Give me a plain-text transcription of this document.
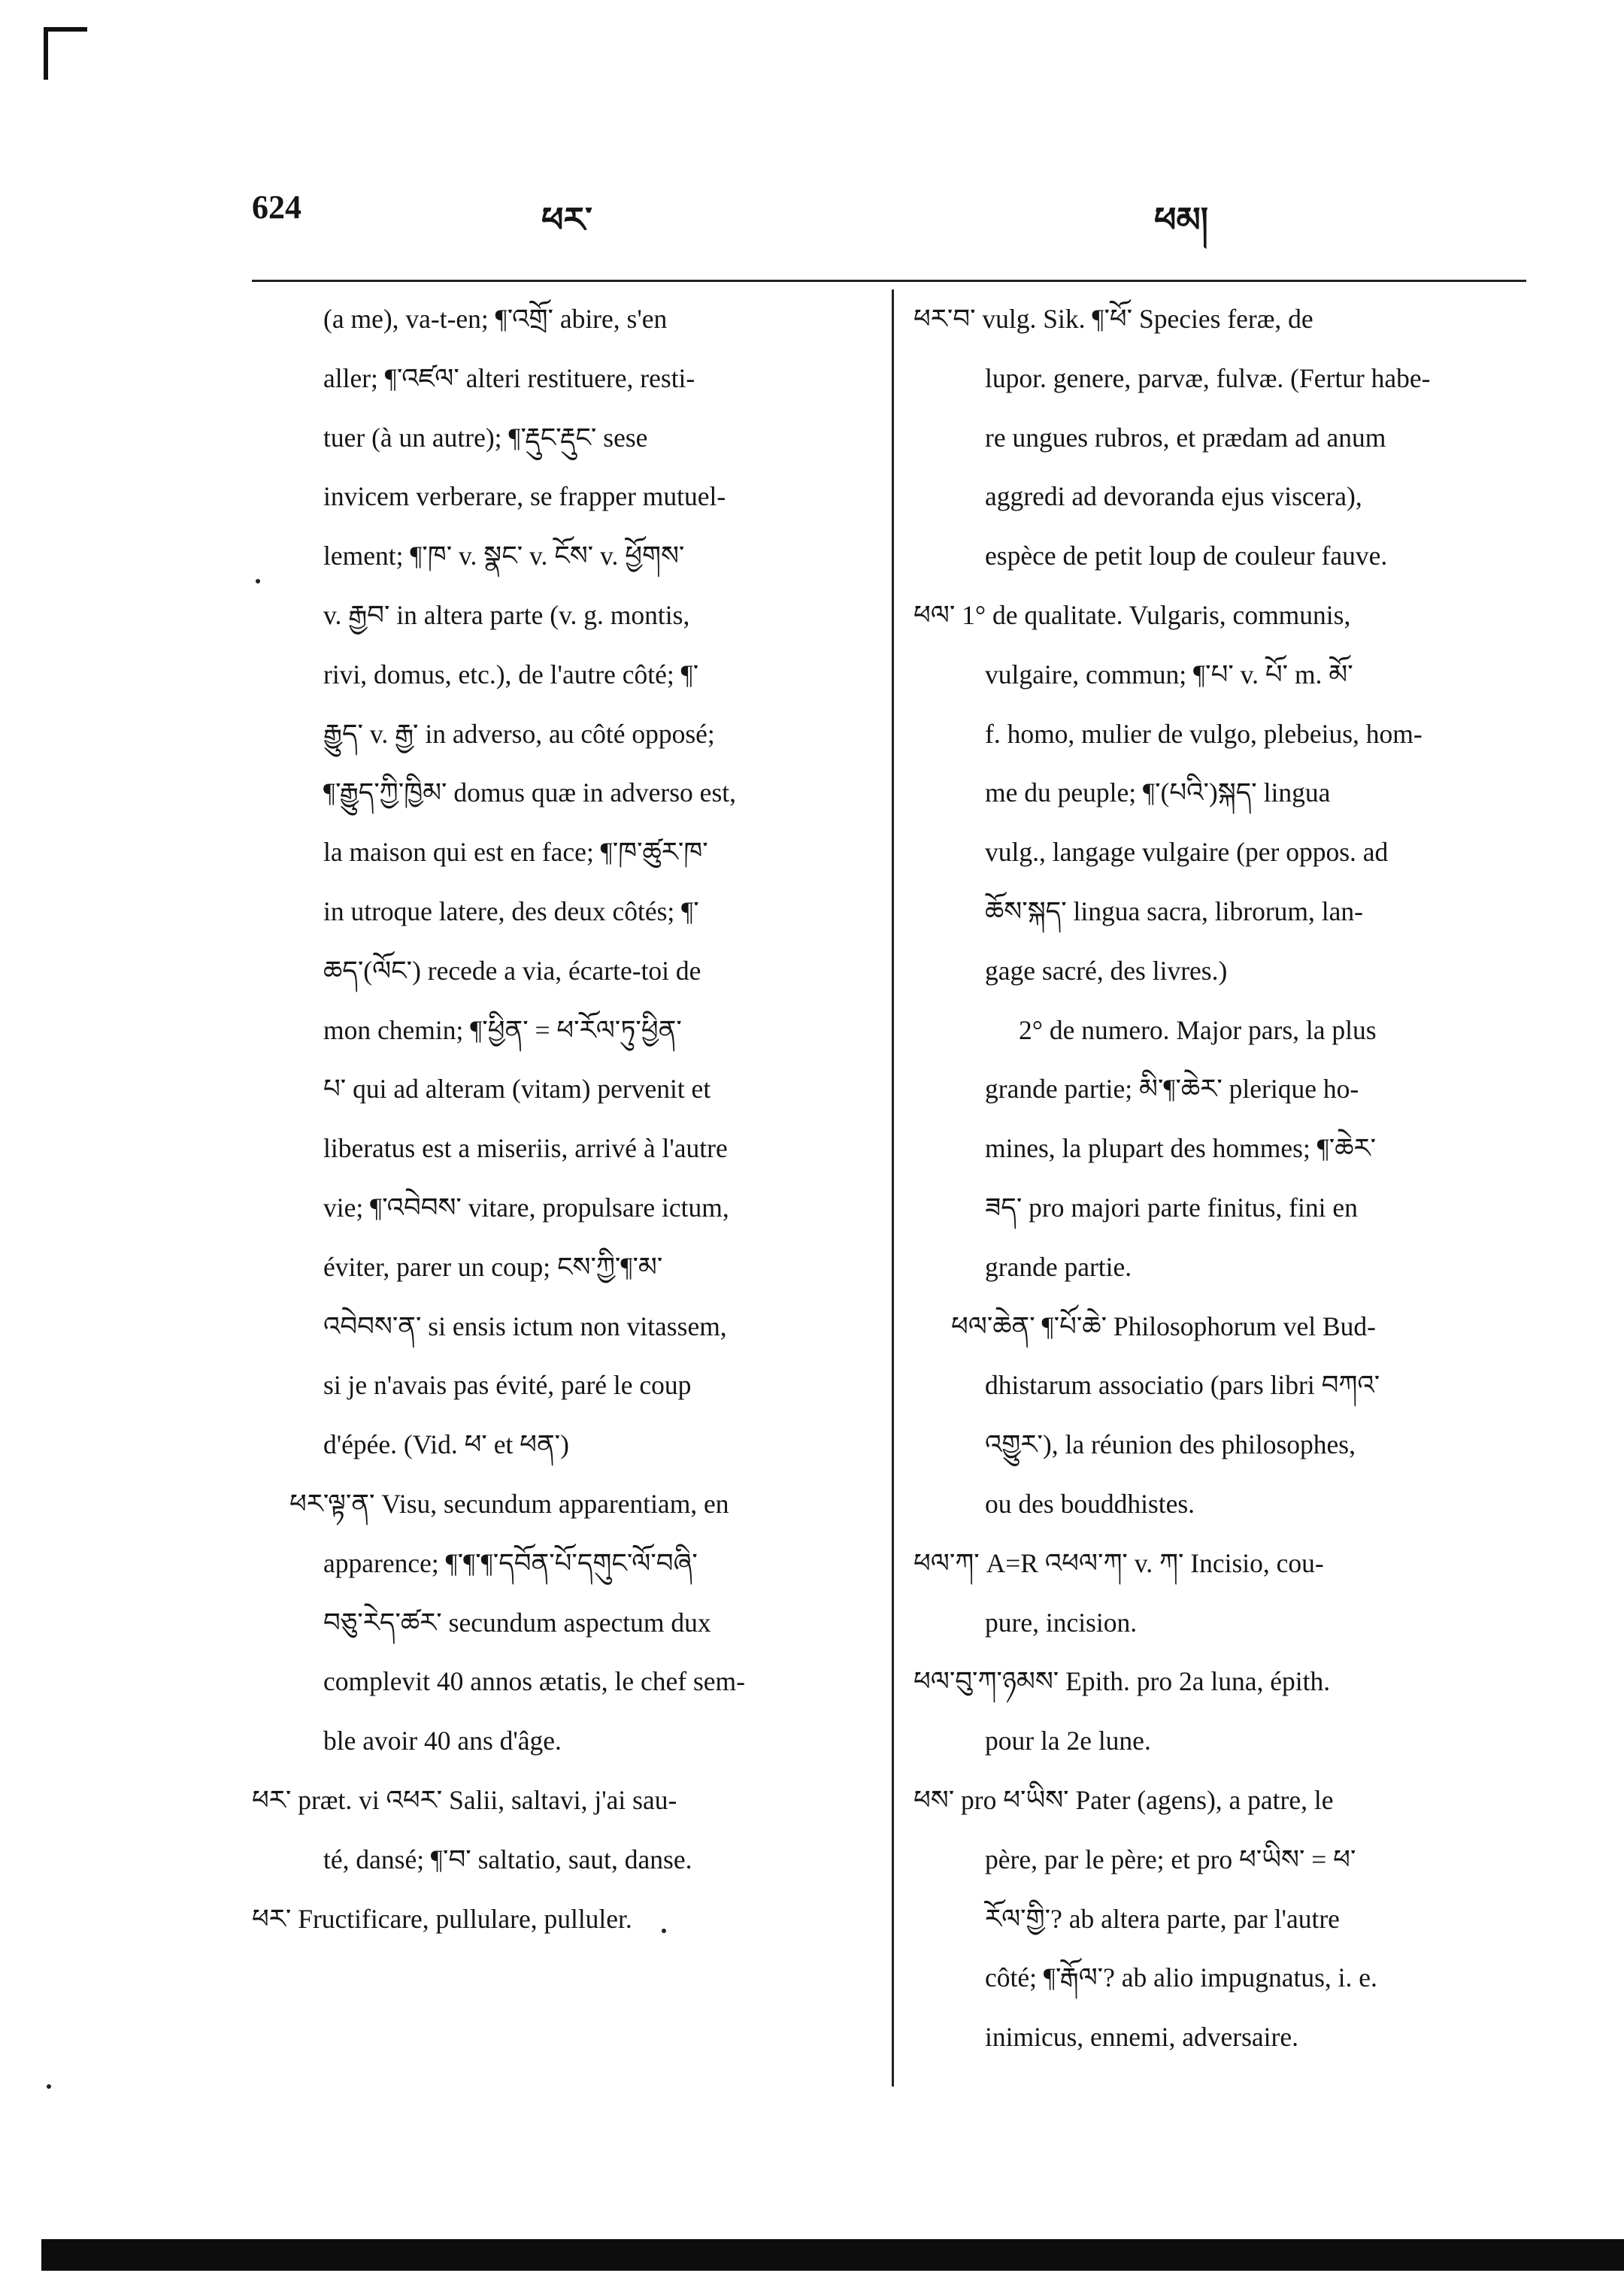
624	ཕར་	ཕམ།
(a me), va-t-en; ¶་འགྲོ་ abire, s'en
aller; ¶་འཛལ་ alteri restituere, resti-
tuer (à un autre); ¶་རྡུང་རྡུང་ sese
invicem verberare, se frapper mutuel-
lement; ¶་ཁ་ v. སྣང་ v. ངོས་ v. ཕྱོགས་
v. རྒྱབ་ in altera parte (v. g. montis,
rivi, domus, etc.), de l'autre côté; ¶་
རྒྱུད་ v. རྒྱ་ in adverso, au côté opposé;
¶་རྒྱུད་ཀྱི་ཁྱིམ་ domus quæ in adverso est,
la maison qui est en face; ¶་ཁ་ཚུར་ཁ་
in utroque latere, des deux côtés; ¶་
ཆད་(ལོང་) recede a via, écarte-toi de
mon chemin; ¶་ཕྱིན་ = ཕ་རོལ་ཏུ་ཕྱིན་
པ་ qui ad alteram (vitam) pervenit et
liberatus est a miseriis, arrivé à l'autre
vie; ¶་འབེབས་ vitare, propulsare ictum,
éviter, parer un coup; ངས་ཀྱི་¶་མ་
འབེབས་ན་ si ensis ictum non vitassem,
si je n'avais pas évité, paré le coup
d'épée. (Vid. ཕ་ et ཕན་)
ཕར་ལྟ་ན་ Visu, secundum apparentiam, en
apparence; ¶་¶་¶་དབོན་པོ་དགུང་ལོ་བཞི་
བཅུ་རེད་ཚར་ secundum aspectum dux
complevit 40 annos ætatis, le chef sem-
ble avoir 40 ans d'âge.
ཕར་ præt. vi འཕར་ Salii, saltavi, j'ai sau-
té, dansé; ¶་བ་ saltatio, saut, danse.
ཕར་ Fructificare, pullulare, pulluler.
ཕར་བ་ vulg. Sik. ¶་ཕོ་ Species feræ, de
lupor. genere, parvæ, fulvæ. (Fertur habe-
re ungues rubros, et prædam ad anum
aggredi ad devoranda ejus viscera),
espèce de petit loup de couleur fauve.
ཕལ་ 1° de qualitate. Vulgaris, communis,
vulgaire, commun; ¶་པ་ v. པོ་ m. མོ་
f. homo, mulier de vulgo, plebeius, hom-
me du peuple; ¶་(པའི་)སྐད་ lingua
vulg., langage vulgaire (per oppos. ad
ཆོས་སྐད་ lingua sacra, librorum, lan-
gage sacré, des livres.)
2° de numero. Major pars, la plus
grande partie; མི་¶་ཆེར་ plerique ho-
mines, la plupart des hommes; ¶་ཆེར་
ཟད་ pro majori parte finitus, fini en
grande partie.
ཕལ་ཆེན་ ¶་པོ་ཆེ་ Philosophorum vel Bud-
dhistarum associatio (pars libri བཀའ་
འགྱུར་), la réunion des philosophes,
ou des bouddhistes.
ཕལ་ཀ་ A=R འཕལ་ཀ་ v. ཀ་ Incisio, cou-
pure, incision.
ཕལ་བུ་ཀ་ཉམས་ Epith. pro 2a luna, épith.
pour la 2e lune.
ཕས་ pro ཕ་ཡིས་ Pater (agens), a patre, le
père, par le père; et pro ཕ་ཡིས་ = ཕ་
རོལ་གྱི་? ab altera parte, par l'autre
côté; ¶་རྒོལ་? ab alio impugnatus, i. e.
inimicus, ennemi, adversaire.
